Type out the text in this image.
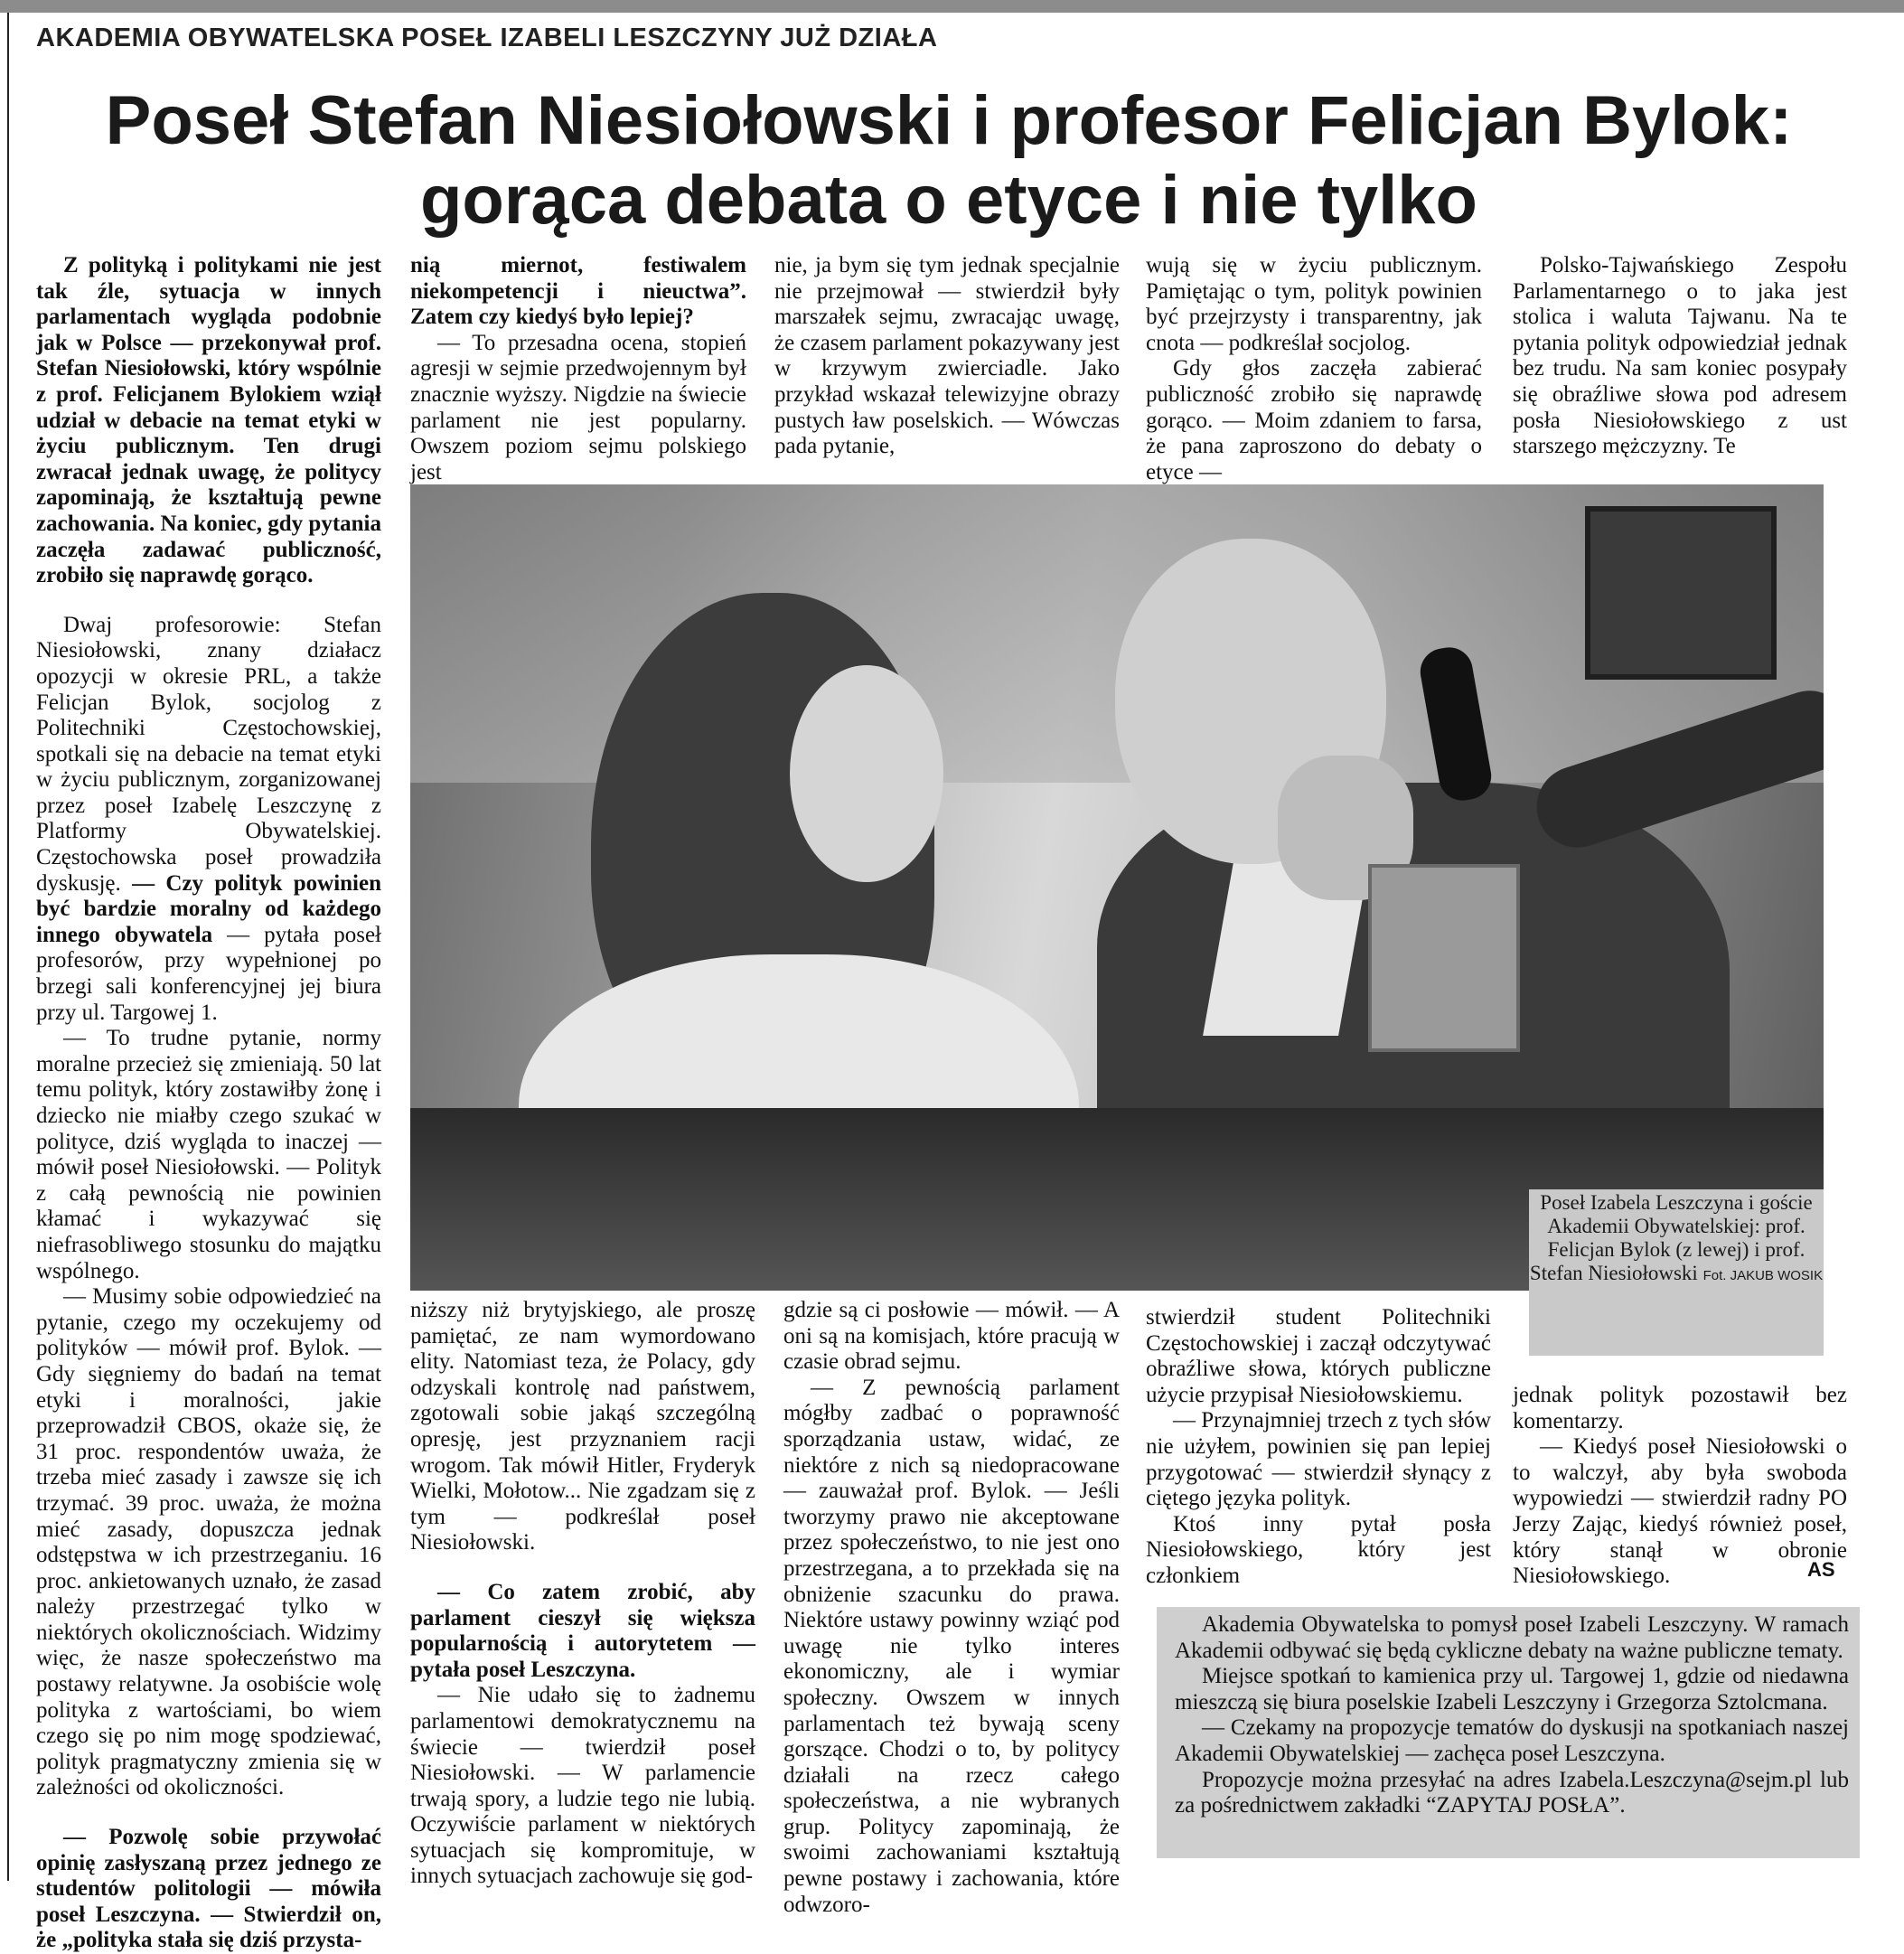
AKADEMIA OBYWATELSKA POSEŁ IZABELI LESZCZYNY JUŻ DZIAŁA
Poseł Stefan Niesiołowski i profesor Felicjan Bylok:
gorąca debata o etyce i nie tylko

Z polityką i politykami nie jest tak źle, sytuacja w innych parlamentach wygląda podobnie jak w Polsce — przekonywał prof. Stefan Niesiołowski, który wspólnie z prof. Felicjanem Bylokiem wziął udział w debacie na temat etyki w życiu publicznym. Ten drugi zwracał jednak uwagę, że politycy zapominają, że kształtują pewne zachowania. Na koniec, gdy pytania zaczęła zadawać publiczność, zrobiło się naprawdę gorąco.

Dwaj profesorowie: Stefan Niesiołowski, znany działacz opozycji w okresie PRL, a także Felicjan Bylok, socjolog z Politechniki Częstochowskiej, spotkali się na debacie na temat etyki w życiu publicznym, zorganizowanej przez poseł Izabelę Leszczynę z Platformy Obywatelskiej. Częstochowska poseł prowadziła dyskusję. — Czy polityk powinien być bardzie moralny od każdego innego obywatela — pytała poseł profesorów, przy wypełnionej po brzegi sali konferencyjnej jej biura przy ul. Targowej 1.

— To trudne pytanie, normy moralne przecież się zmieniają. 50 lat temu polityk, który zostawiłby żonę i dziecko nie miałby czego szukać w polityce, dziś wygląda to inaczej — mówił poseł Niesiołowski. — Polityk z całą pewnością nie powinien kłamać i wykazywać się niefrasobliwego stosunku do majątku wspólnego.

— Musimy sobie odpowiedzieć na pytanie, czego my oczekujemy od polityków — mówił prof. Bylok. — Gdy sięgniemy do badań na temat etyki i moralności, jakie przeprowadził CBOS, okaże się, że 31 proc. respondentów uważa, że trzeba mieć zasady i zawsze się ich trzymać. 39 proc. uważa, że można mieć zasady, dopuszcza jednak odstępstwa w ich przestrzeganiu. 16 proc. ankietowanych uznało, że zasad należy przestrzegać tylko w niektórych okolicznościach. Widzimy więc, że nasze społeczeństwo ma postawy relatywne. Ja osobiście wolę polityka z wartościami, bo wiem czego się po nim mogę spodziewać, polityk pragmatyczny zmienia się w zależności od okoliczności.

— Pozwolę sobie przywołać opinię zasłyszaną przez jednego ze studentów politologii — mówiła poseł Leszczyna. — Stwierdził on, że „polityka stała się dziś przysta-

nią miernot, festiwalem niekompetencji i nieuctwa”. Zatem czy kiedyś było lepiej?

— To przesadna ocena, stopień agresji w sejmie przedwojennym był znacznie wyższy. Nigdzie na świecie parlament nie jest popularny. Owszem poziom sejmu polskiego jest

nie, ja bym się tym jednak specjalnie nie przejmował — stwierdził były marszałek sejmu, zwracając uwagę, że czasem parlament pokazywany jest w krzywym zwierciadle. Jako przykład wskazał telewizyjne obrazy pustych ław poselskich. — Wówczas pada pytanie,

wują się w życiu publicznym. Pamiętając o tym, polityk powinien być przejrzysty i transparentny, jak cnota — podkreślał socjolog.

Gdy głos zaczęła zabierać publiczność zrobiło się naprawdę gorąco. — Moim zdaniem to farsa, że pana zaproszono do debaty o etyce —

Polsko-Tajwańskiego Zespołu Parlamentarnego o to jaka jest stolica i waluta Tajwanu. Na te pytania polityk odpowiedział jednak bez trudu. Na sam koniec posypały się obraźliwe słowa pod adresem posła Niesiołowskiego z ust starszego mężczyzny. Te

Poseł Izabela Leszczyna i goście Akademii Obywatelskiej: prof. Felicjan Bylok (z lewej) i prof. Stefan Niesiołowski Fot. JAKUB WOSIK

niższy niż brytyjskiego, ale proszę pamiętać, ze nam wymordowano elity. Natomiast teza, że Polacy, gdy odzyskali kontrolę nad państwem, zgotowali sobie jakąś szczególną opresję, jest przyznaniem racji wrogom. Tak mówił Hitler, Fryderyk Wielki, Mołotow... Nie zgadzam się z tym — podkreślał poseł Niesiołowski.

— Co zatem zrobić, aby parlament cieszył się większa popularnością i autorytetem — pytała poseł Leszczyna.

— Nie udało się to żadnemu parlamentowi demokratycznemu na świecie — twierdził poseł Niesiołowski. — W parlamencie trwają spory, a ludzie tego nie lubią. Oczywiście parlament w niektórych sytuacjach się kompromituje, w innych sytuacjach zachowuje się god-

gdzie są ci posłowie — mówił. — A oni są na komisjach, które pracują w czasie obrad sejmu.

— Z pewnością parlament mógłby zadbać o poprawność sporządzania ustaw, widać, ze niektóre z nich są niedopracowane — zauważał prof. Bylok. — Jeśli tworzymy prawo nie akceptowane przez społeczeństwo, to nie jest ono przestrzegana, a to przekłada się na obniżenie szacunku do prawa. Niektóre ustawy powinny wziąć pod uwagę nie tylko interes ekonomiczny, ale i wymiar społeczny. Owszem w innych parlamentach też bywają sceny gorszące. Chodzi o to, by politycy działali na rzecz całego społeczeństwa, a nie wybranych grup. Politycy zapominają, że swoimi zachowaniami kształtują pewne postawy i zachowania, które odwzoro-

stwierdził student Politechniki Częstochowskiej i zaczął odczytywać obraźliwe słowa, których publiczne użycie przypisał Niesiołowskiemu.

— Przynajmniej trzech z tych słów nie użyłem, powinien się pan lepiej przygotować — stwierdził słynący z ciętego języka polityk.

Ktoś inny pytał posła Niesiołowskiego, który jest członkiem

jednak polityk pozostawił bez komentarzy.

— Kiedyś poseł Niesiołowski o to walczył, aby była swoboda wypowiedzi — stwierdził radny PO Jerzy Zając, kiedyś również poseł, który stanął w obronie Niesiołowskiego.	AS

Akademia Obywatelska to pomysł poseł Izabeli Leszczyny. W ramach Akademii odbywać się będą cykliczne debaty na ważne publiczne tematy.

Miejsce spotkań to kamienica przy ul. Targowej 1, gdzie od niedawna mieszczą się biura poselskie Izabeli Leszczyny i Grzegorza Sztolcmana.

— Czekamy na propozycje tematów do dyskusji na spotkaniach naszej Akademii Obywatelskiej — zachęca poseł Leszczyna.

Propozycje można przesyłać na adres Izabela.Leszczyna@sejm.pl lub za pośrednictwem zakładki “ZAPYTAJ POSŁA”.
